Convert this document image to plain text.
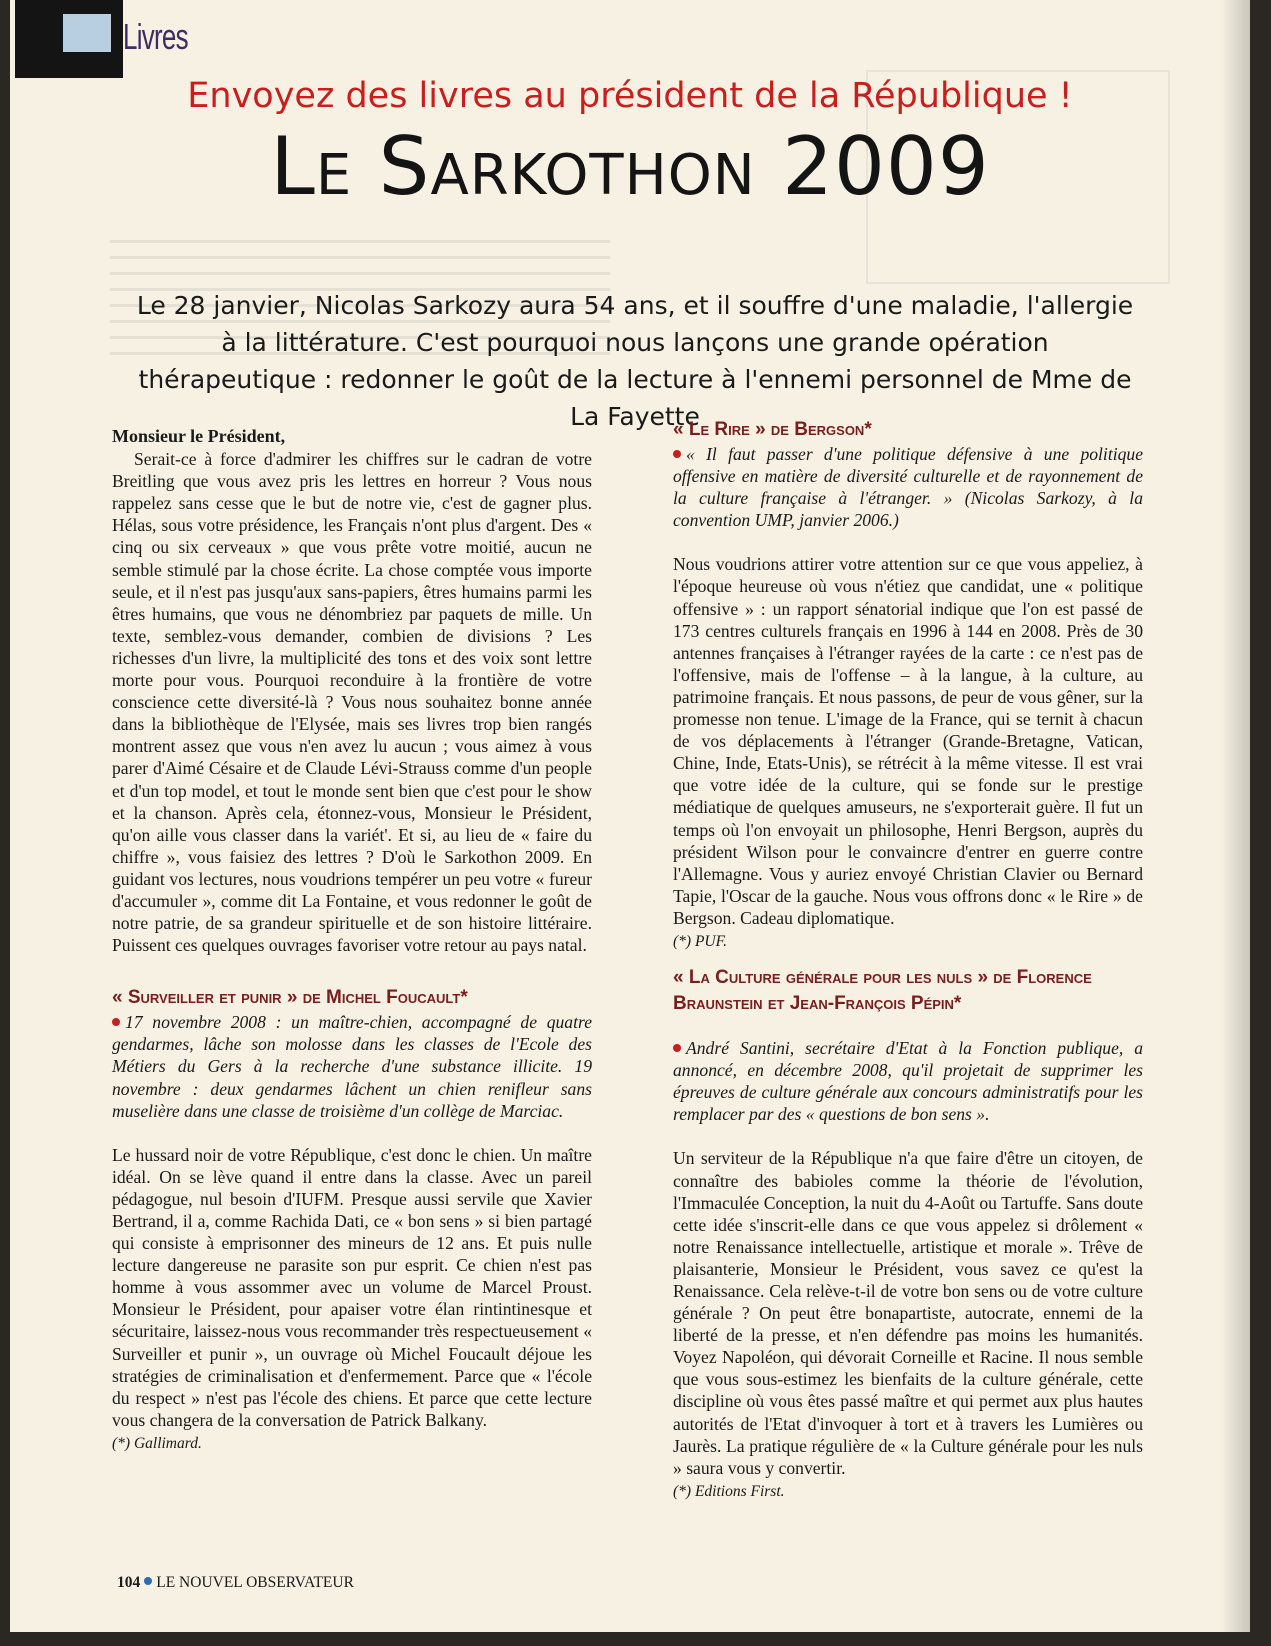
Livres
Envoyez des livres au président de la République !
Le Sarkothon 2009
Le 28 janvier, Nicolas Sarkozy aura 54 ans, et il souffre d'une maladie, l'allergie à la littérature. C'est pourquoi nous lançons une grande opération thérapeutique : redonner le goût de la lecture à l'ennemi personnel de Mme de La Fayette

Monsieur le Président,

Serait-ce à force d'admirer les chiffres sur le cadran de votre Breitling que vous avez pris les lettres en horreur ? Vous nous rappelez sans cesse que le but de notre vie, c'est de gagner plus. Hélas, sous votre présidence, les Français n'ont plus d'argent. Des « cinq ou six cerveaux » que vous prête votre moitié, aucun ne semble stimulé par la chose écrite. La chose comptée vous importe seule, et il n'est pas jusqu'aux sans-papiers, êtres humains parmi les êtres humains, que vous ne dénombriez par paquets de mille. Un texte, semblez-vous demander, combien de divisions ? Les richesses d'un livre, la multiplicité des tons et des voix sont lettre morte pour vous. Pourquoi reconduire à la frontière de votre conscience cette diversité-là ? Vous nous souhaitez bonne année dans la bibliothèque de l'Elysée, mais ses livres trop bien rangés montrent assez que vous n'en avez lu aucun ; vous aimez à vous parer d'Aimé Césaire et de Claude Lévi-Strauss comme d'un people et d'un top model, et tout le monde sent bien que c'est pour le show et la chanson. Après cela, étonnez-vous, Monsieur le Président, qu'on aille vous classer dans la variét'. Et si, au lieu de « faire du chiffre », vous faisiez des lettres ? D'où le Sarkothon 2009. En guidant vos lectures, nous voudrions tempérer un peu votre « fureur d'accumuler », comme dit La Fontaine, et vous redonner le goût de notre patrie, de sa grandeur spirituelle et de son histoire littéraire. Puissent ces quelques ouvrages favoriser votre retour au pays natal.

« Surveiller et punir » de Michel Foucault*

17 novembre 2008 : un maître-chien, accompagné de quatre gendarmes, lâche son molosse dans les classes de l'Ecole des Métiers du Gers à la recherche d'une substance illicite. 19 novembre : deux gendarmes lâchent un chien renifleur sans muselière dans une classe de troisième d'un collège de Marciac.

Le hussard noir de votre République, c'est donc le chien. Un maître idéal. On se lève quand il entre dans la classe. Avec un pareil pédagogue, nul besoin d'IUFM. Presque aussi servile que Xavier Bertrand, il a, comme Rachida Dati, ce « bon sens » si bien partagé qui consiste à emprisonner des mineurs de 12 ans. Et puis nulle lecture dangereuse ne parasite son pur esprit. Ce chien n'est pas homme à vous assommer avec un volume de Marcel Proust. Monsieur le Président, pour apaiser votre élan rintintinesque et sécuritaire, laissez-nous vous recommander très respectueusement « Surveiller et punir », un ouvrage où Michel Foucault déjoue les stratégies de criminalisation et d'enfermement. Parce que « l'école du respect » n'est pas l'école des chiens. Et parce que cette lecture vous changera de la conversation de Patrick Balkany.

(*) Gallimard.

« Le Rire » de Bergson*

« Il faut passer d'une politique défensive à une politique offensive en matière de diversité culturelle et de rayonnement de la culture française à l'étranger. » (Nicolas Sarkozy, à la convention UMP, janvier 2006.)

Nous voudrions attirer votre attention sur ce que vous appeliez, à l'époque heureuse où vous n'étiez que candidat, une « politique offensive » : un rapport sénatorial indique que l'on est passé de 173 centres culturels français en 1996 à 144 en 2008. Près de 30 antennes françaises à l'étranger rayées de la carte : ce n'est pas de l'offensive, mais de l'offense – à la langue, à la culture, au patrimoine français. Et nous passons, de peur de vous gêner, sur la promesse non tenue. L'image de la France, qui se ternit à chacun de vos déplacements à l'étranger (Grande-Bretagne, Vatican, Chine, Inde, Etats-Unis), se rétrécit à la même vitesse. Il est vrai que votre idée de la culture, qui se fonde sur le prestige médiatique de quelques amuseurs, ne s'exporterait guère. Il fut un temps où l'on envoyait un philosophe, Henri Bergson, auprès du président Wilson pour le convaincre d'entrer en guerre contre l'Allemagne. Vous y auriez envoyé Christian Clavier ou Bernard Tapie, l'Oscar de la gauche. Nous vous offrons donc « le Rire » de Bergson. Cadeau diplomatique.

(*) PUF.

« La Culture générale pour les nuls » de Florence Braunstein et Jean-François Pépin*

André Santini, secrétaire d'Etat à la Fonction publique, a annoncé, en décembre 2008, qu'il projetait de supprimer les épreuves de culture générale aux concours administratifs pour les remplacer par des « questions de bon sens ».

Un serviteur de la République n'a que faire d'être un citoyen, de connaître des babioles comme la théorie de l'évolution, l'Immaculée Conception, la nuit du 4-Août ou Tartuffe. Sans doute cette idée s'inscrit-elle dans ce que vous appelez si drôlement « notre Renaissance intellectuelle, artistique et morale ». Trêve de plaisanterie, Monsieur le Président, vous savez ce qu'est la Renaissance. Cela relève-t-il de votre bon sens ou de votre culture générale ? On peut être bonapartiste, autocrate, ennemi de la liberté de la presse, et n'en défendre pas moins les humanités. Voyez Napoléon, qui dévorait Corneille et Racine. Il nous semble que vous sous-estimez les bienfaits de la culture générale, cette discipline où vous êtes passé maître et qui permet aux plus hautes autorités de l'Etat d'invoquer à tort et à travers les Lumières ou Jaurès. La pratique régulière de « la Culture générale pour les nuls » saura vous y convertir.

(*) Editions First.

104 LE NOUVEL OBSERVATEUR
